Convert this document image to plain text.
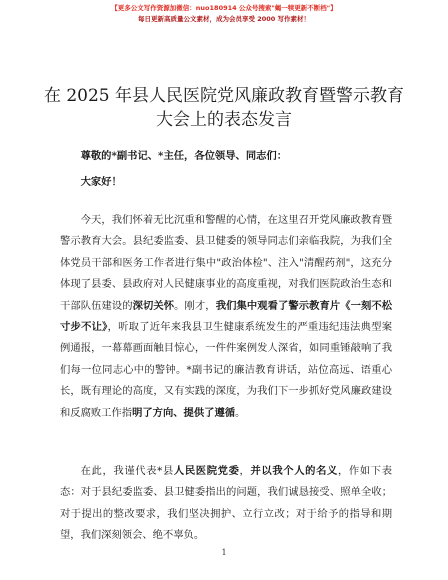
【更多公文写作资源加微信：nuo180914 公众号搜索"蝎一犊更新不断档"】
每日更新高质量公文素材，成为会员享受 2000 写作素材！
在 2025 年县人民医院党风廉政教育暨警示教育
大会上的表态发言

尊敬的*副书记、*主任，各位领导、同志们：

大家好！

今天，我们怀着无比沉重和警醒的心情，在这里召开党风廉政教育暨警示教育大会。县纪委监委、县卫健委的领导同志们亲临我院，为我们全体党员干部和医务工作者进行集中"政治体检"、注入"清醒药剂"，这充分体现了县委、县政府对人民健康事业的高度重视，对我们医院政治生态和干部队伍建设的深切关怀。刚才，我们集中观看了警示教育片《一刻不松寸步不让》，听取了近年来我县卫生健康系统发生的严重违纪违法典型案例通报，一幕幕画面触目惊心，一件件案例发人深省，如同重锤敲响了我们每一位同志心中的警钟。*副书记的廉洁教育讲话，站位高远、语重心长，既有理论的高度，又有实践的深度，为我们下一步抓好党风廉政建设和反腐败工作指明了方向、提供了遵循。

在此，我谨代表*县人民医院党委，并以我个人的名义，作如下表态：对于县纪委监委、县卫健委指出的问题，我们诚恳接受、照单全收；对于提出的整改要求，我们坚决拥护、立行立改；对于给予的指导和期望，我们深刻领会、绝不辜负。

1
